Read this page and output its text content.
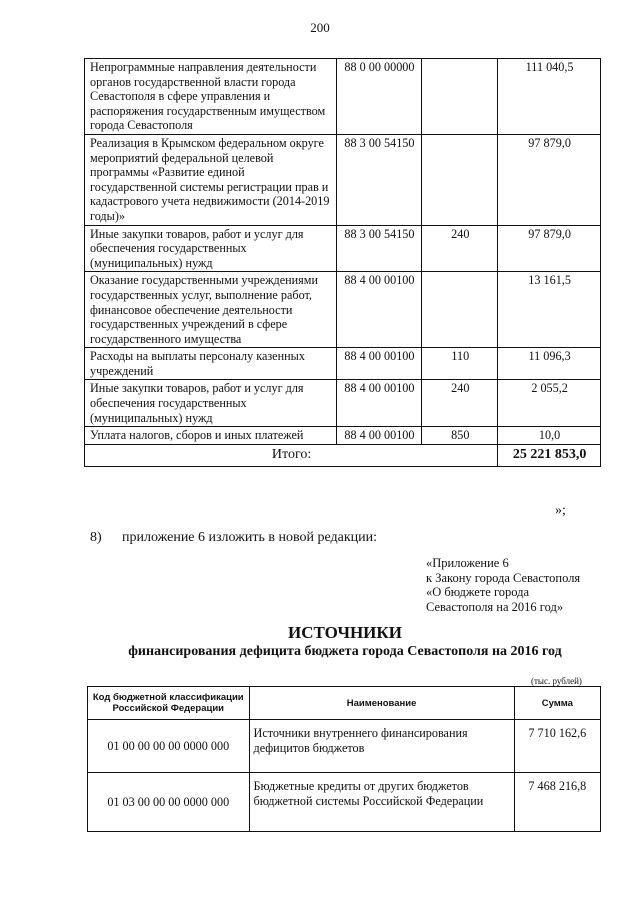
200
Непрограммные направления деятельности органов государственной власти города Севастополя в сфере управления и распоряжения государственным имуществом города Севастополя	88 0 00 00000		111 040,5
Реализация в Крымском федеральном округе мероприятий федеральной целевой программы «Развитие единой государственной системы регистрации прав и кадастрового учета недвижимости (2014-2019 годы)»	88 3 00 54150		97 879,0
Иные закупки товаров, работ и услуг для обеспечения государственных (муниципальных) нужд	88 3 00 54150	240	97 879,0
Оказание государственными учреждениями государственных услуг, выполнение работ, финансовое обеспечение деятельности государственных учреждений в сфере государственного имущества	88 4 00 00100		13 161,5
Расходы на выплаты персоналу казенных учреждений	88 4 00 00100	110	11 096,3
Иные закупки товаров, работ и услуг для обеспечения государственных (муниципальных) нужд	88 4 00 00100	240	2 055,2
Уплата налогов, сборов и иных платежей	88 4 00 00100	850	10,0
Итого:			25 221 853,0
»;
8) приложение 6 изложить в новой редакции:
«Приложение 6
к Закону города Севастополя
«О бюджете города
Севастополя на 2016 год»
ИСТОЧНИКИ
финансирования дефицита бюджета города Севастополя на 2016 год
(тыс. рублей)
Код бюджетной классификации Российской Федерации	Наименование	Сумма
01 00 00 00 00 0000 000	Источники внутреннего финансирования дефицитов бюджетов	7 710 162,6
01 03 00 00 00 0000 000	Бюджетные кредиты от других бюджетов бюджетной системы Российской Федерации	7 468 216,8
